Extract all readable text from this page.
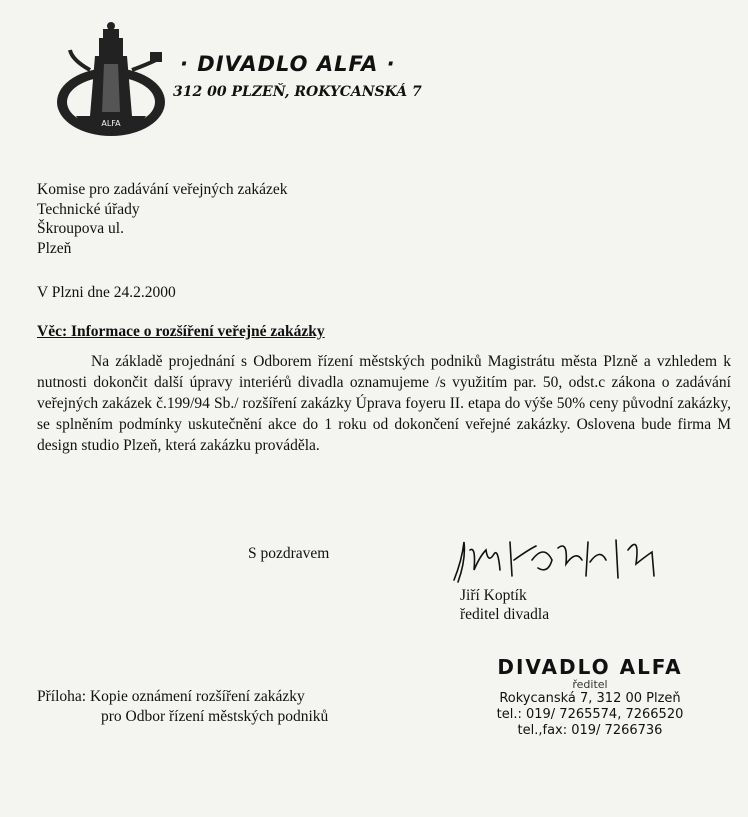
ALFA
· DIVADLO ALFA ·
312 00 PLZEŇ, ROKYCANSKÁ 7
Komise pro zadávání veřejných zakázek
Technické úřady
Škroupova ul.
Plzeň
V Plzni dne 24.2.2000
Věc: Informace o rozšíření veřejné zakázky
Na základě projednání s Odborem řízení městských podniků Magistrátu města Plzně a vzhledem k nutnosti dokončit další úpravy interiérů divadla oznamujeme /s využitím par. 50, odst.c zákona o zadávání veřejných zakázek č.199/94 Sb./ rozšíření zakázky Úprava foyeru II. etapa do výše 50% ceny původní zakázky, se splněním podmínky uskutečnění akce do 1 roku od dokončení veřejné zakázky. Oslovena bude firma M design studio Plzeň, která zakázku prováděla.
S pozdravem
Jiří Koptík
ředitel divadla
Příloha: Kopie oznámení rozšíření zakázky
pro Odbor řízení městských podniků
DIVADLO ALFA
ředitel
Rokycanská 7, 312 00 Plzeň
tel.: 019/ 7265574, 7266520
tel.,fax: 019/ 7266736
